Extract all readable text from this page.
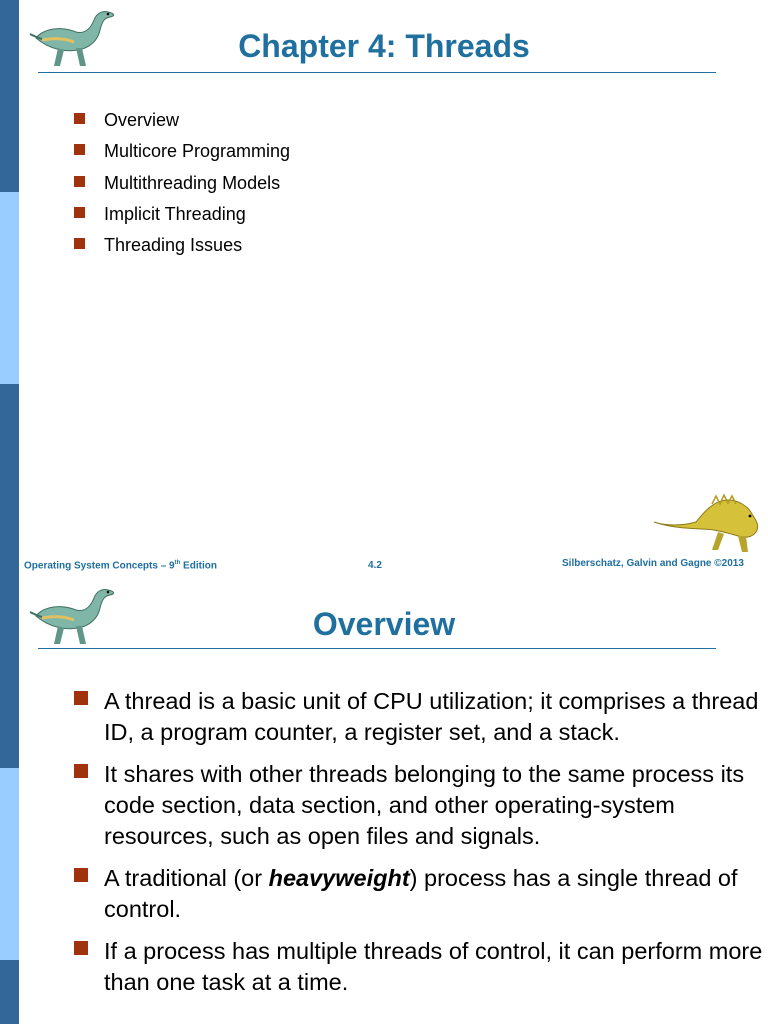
Chapter 4: Threads
Overview
Multicore Programming
Multithreading Models
Implicit Threading
Threading Issues
Operating System Concepts – 9th Edition	4.2	Silberschatz, Galvin and Gagne ©2013
Overview
A thread is a basic unit of CPU utilization; it comprises a thread ID, a program counter, a register set, and a stack.
It shares with other threads belonging to the same process its code section, data section, and other operating-system resources, such as open files and signals.
A traditional (or heavyweight) process has a single thread of control.
If a process has multiple threads of control, it can perform more than one task at a time.
